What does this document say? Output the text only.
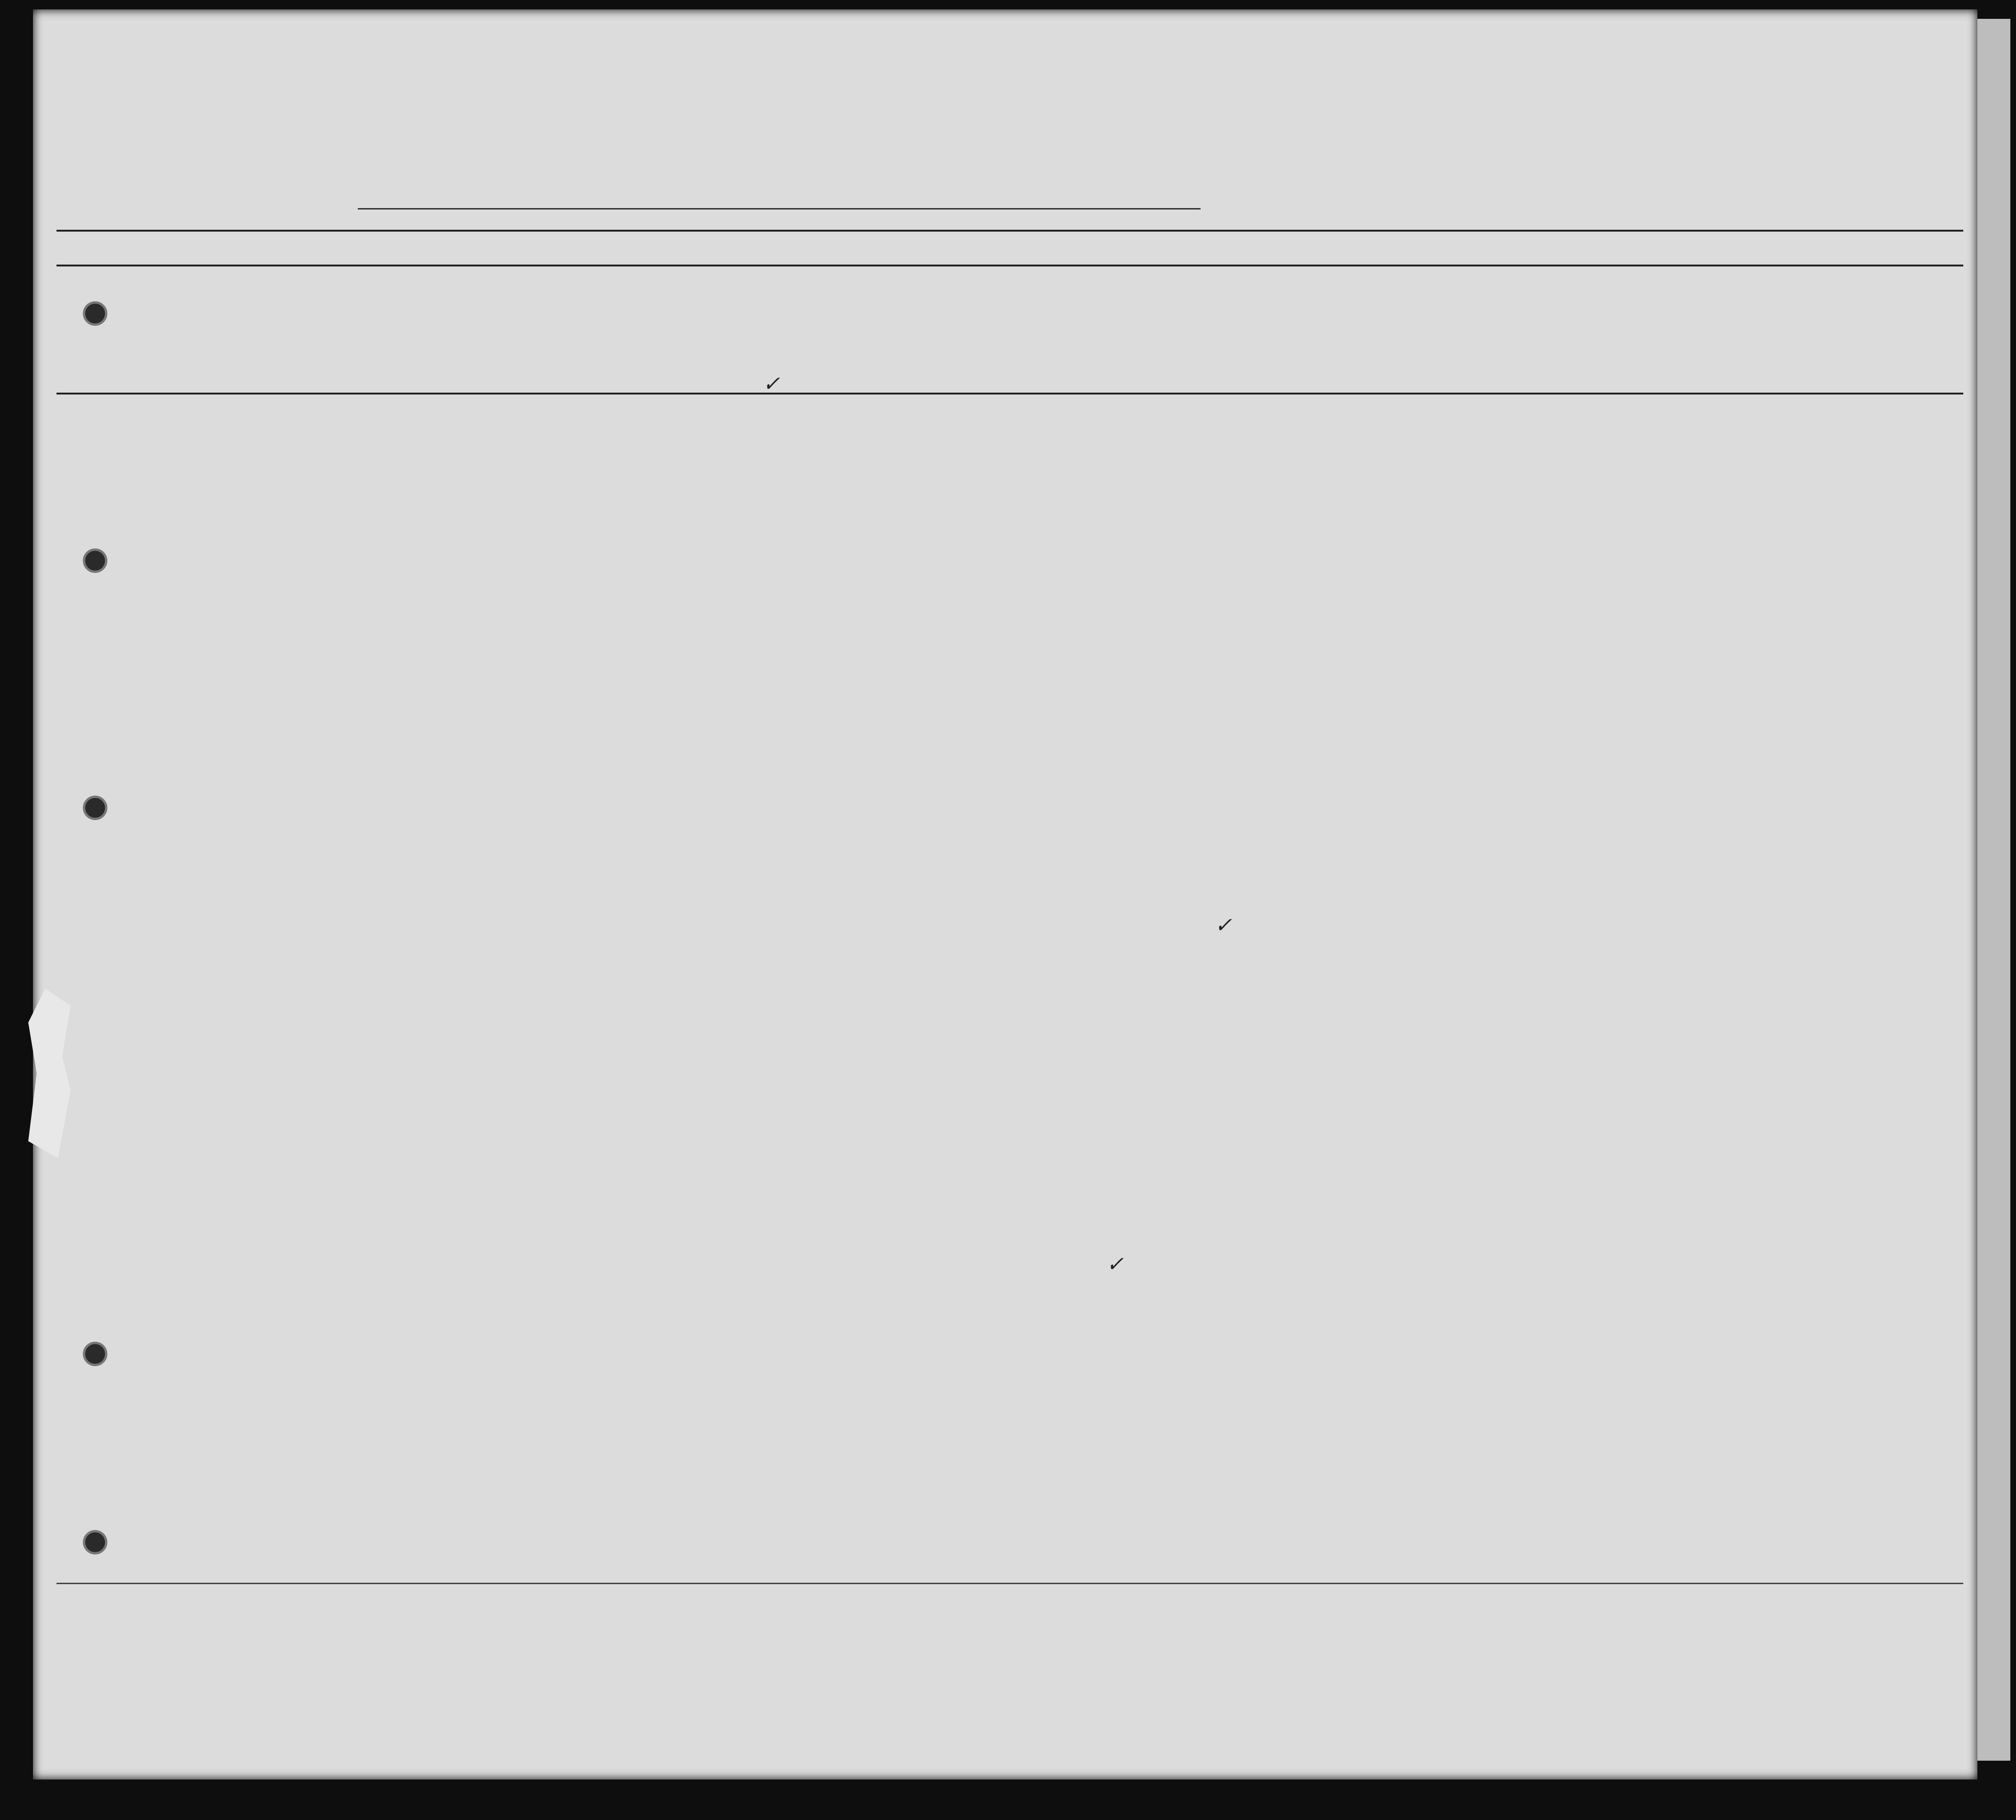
✓
✓
✓
